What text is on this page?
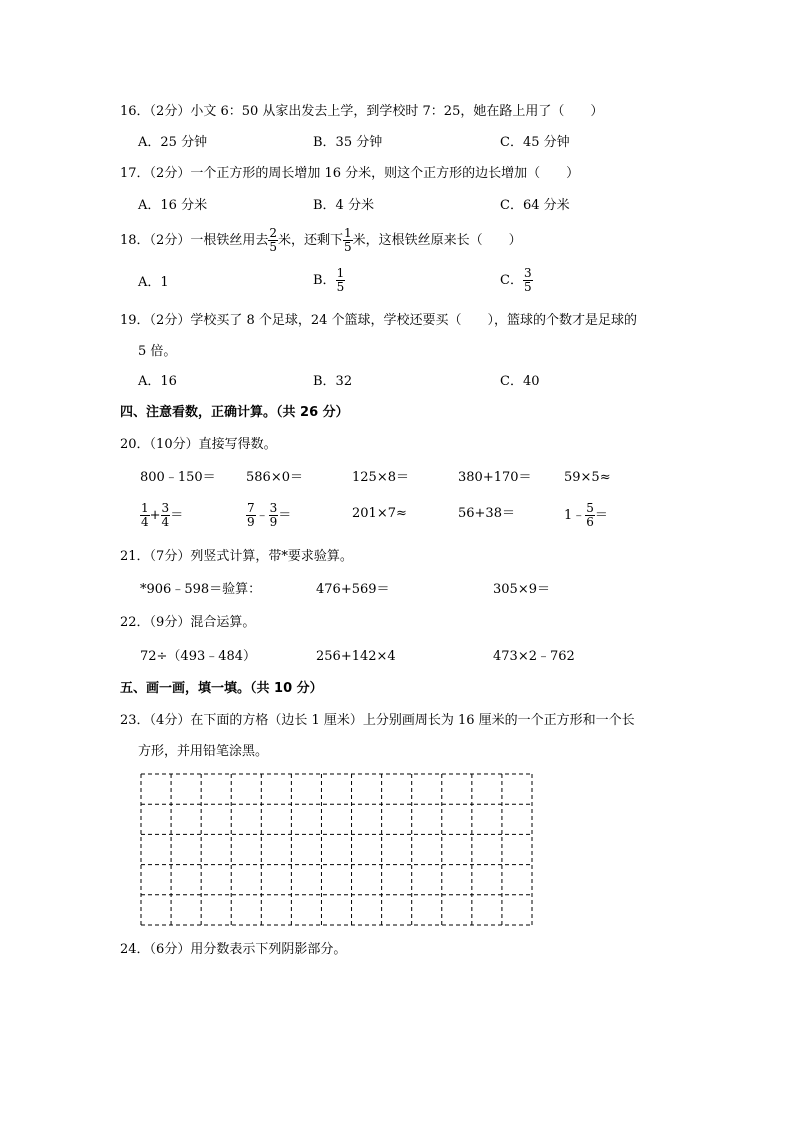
16．（2分）小文 6：50 从家出发去上学，到学校时 7：25，她在路上用了（　　）
A．25 分钟	B．35 分钟	C．45 分钟
17．（2分）一个正方形的周长增加 16 分米，则这个正方形的边长增加（　　）
A．16 分米	B．4 分米	C．64 分米
18．（2分）一根铁丝用去 $\frac{2}{5}$ 米，还剩下 $\frac{1}{5}$ 米，这根铁丝原来长（　　）
A．1	B． $\frac{1}{5}$	C． $\frac{3}{5}$
19．（2分）学校买了 8 个足球，24 个篮球，学校还要买（　　），篮球的个数才是足球的
5 倍。
A．16	B．32	C．40
四、注意看数，正确计算。（共 26 分）
20．（10分）直接写得数。
800﹣150＝ 586×0＝	125×8＝	380+170＝ 59×5≈
$\frac{1}{4} + \frac{3}{4}$ ＝	$\frac{7}{9}$ ﹣ $\frac{3}{9}$ ＝	201×7≈	56+38＝	1﹣ $\frac{5}{6}$ ＝
21．（7分）列竖式计算，带*要求验算。
*906﹣598＝验算：	476+569＝	305×9＝
22．（9分）混合运算。
72÷（493﹣484）	256+142×4	473×2﹣762
五、画一画，填一填。（共 10 分）
23．（4分）在下面的方格（边长 1 厘米）上分别画周长为 16 厘米的一个正方形和一个长
方形，并用铅笔涂黑。
24．（6分）用分数表示下列阴影部分。
